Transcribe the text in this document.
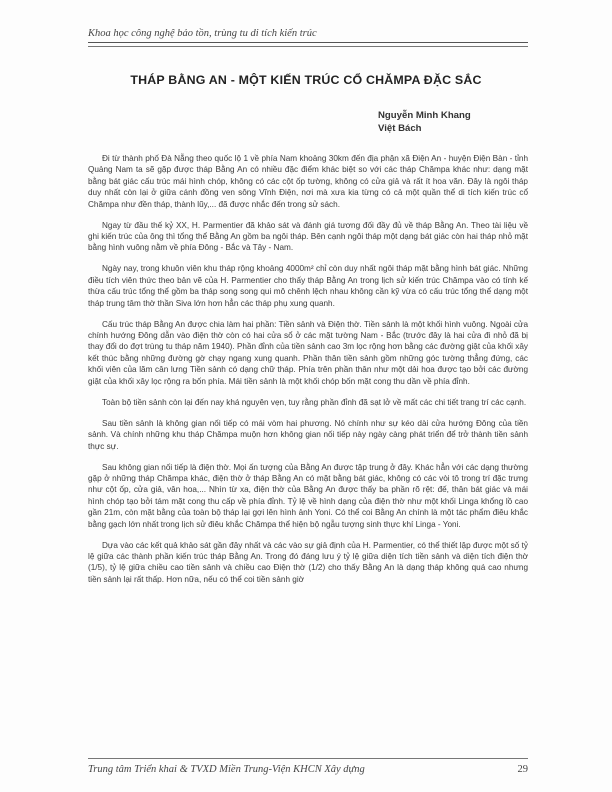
Khoa học công nghệ bảo tồn, trùng tu di tích kiến trúc
THÁP BẰNG AN - MỘT KIẾN TRÚC CỔ CHĂMPA ĐẶC SẮC
Nguyễn Minh Khang
Việt Bách

Đi từ thành phố Đà Nẵng theo quốc lộ 1 về phía Nam khoảng 30km đến địa phận xã Điện An - huyện Điện Bàn - tỉnh Quảng Nam ta sẽ gặp được tháp Bằng An có nhiều đặc điểm khác biệt so với các tháp Chămpa khác như: dạng mặt bằng bát giác cấu trúc mái hình chóp, không có các cột ốp tường, không có cửa giả và rất ít hoa văn. Đây là ngôi tháp duy nhất còn lại ở giữa cánh đồng ven sông Vĩnh Điện, nơi mà xưa kia từng có cả một quần thể di tích kiến trúc cổ Chămpa như đền tháp, thành lũy,... đã được nhắc đến trong sử sách.

Ngay từ đầu thế kỷ XX, H. Parmentier đã khảo sát và đánh giá tương đối đầy đủ về tháp Bằng An. Theo tài liệu về ghi kiến trúc của ông thì tổng thể Bằng An gồm ba ngôi tháp. Bên cạnh ngôi tháp một dạng bát giác còn hai tháp nhỏ mặt bằng hình vuông nằm về phía Đông - Bắc và Tây - Nam.

Ngày nay, trong khuôn viên khu tháp rộng khoảng 4000m² chỉ còn duy nhất ngôi tháp mặt bằng hình bát giác. Những điều tích viên thức theo bản vẽ của H. Parmentier cho thấy tháp Bằng An trong lịch sử kiến trúc Chămpa vào có tính kế thừa cấu trúc tổng thể gồm ba tháp song song qui mô chênh lệch nhau không cần kỹ vừa có cấu trúc tổng thể dạng một tháp trung tâm thờ thần Siva lớn hơn hẳn các tháp phụ xung quanh.

Cấu trúc tháp Bằng An được chia làm hai phần: Tiền sảnh và Điện thờ. Tiền sảnh là một khối hình vuông. Ngoài cửa chính hướng Đông dẫn vào điện thờ còn có hai cửa sổ ở các mặt tường Nam - Bắc (trước đây là hai cửa đi nhỏ đã bị thay đổi do đợt trùng tu tháp năm 1940). Phần đỉnh của tiền sảnh cao 3m lọc rộng hơn bằng các đường giật của khối xây kết thúc bằng những đường gờ chạy ngang xung quanh. Phần thân tiền sảnh gồm những góc tường thẳng đứng, các khối viên của lăm cân lưng Tiền sảnh có dạng chữ tháp. Phía trên phần thân như một dải hoa được tạo bởi các đường giật của khối xây lọc rộng ra bốn phía. Mái tiền sảnh là một khối chóp bốn mặt cong thu dần về phía đỉnh.

Toàn bộ tiền sảnh còn lại đến nay khá nguyên vẹn, tuy rằng phần đỉnh đã sạt lở về mất các chi tiết trang trí các cạnh.

Sau tiền sảnh là không gian nối tiếp có mái vòm hai phương. Nó chính như sự kéo dài cửa hướng Đông của tiền sảnh. Và chính những khu tháp Chămpa muộn hơn không gian nối tiếp này ngày càng phát triển để trở thành tiền sảnh thực sự.

Sau không gian nối tiếp là điện thờ. Mọi ấn tượng của Bằng An được tập trung ở đây. Khác hẳn với các dạng thường gặp ở những tháp Chămpa khác, điện thờ ở tháp Bằng An có mặt bằng bát giác, không có các vòi tô trong trí đặc trưng như cột ốp, cửa giả, vân hoa,... Nhìn từ xa, điện thờ của Bằng An được thấy ba phần rõ rệt: đế, thân bát giác và mái hình chóp tạo bởi tám mặt cong thu cấp về phía đỉnh. Tỷ lệ về hình dạng của điện thờ như một khối Linga khổng lồ cao gần 21m, còn mặt bằng của toàn bộ tháp lại gợi lên hình ảnh Yoni. Có thể coi Bằng An chính là một tác phẩm điêu khắc bằng gạch lớn nhất trong lịch sử điêu khắc Chămpa thể hiện bộ ngẫu tượng sinh thực khí Linga - Yoni.

Dựa vào các kết quả khảo sát gần đây nhất và các vào sự giả định của H. Parmentier, có thể thiết lập được một số tỷ lệ giữa các thành phần kiến trúc tháp Bằng An. Trong đó đáng lưu ý tỷ lệ giữa diện tích tiền sảnh và diện tích điện thờ (1/5), tỷ lệ giữa chiều cao tiền sảnh và chiều cao Điện thờ (1/2) cho thấy Bằng An là dạng tháp không quá cao nhưng tiền sảnh lại rất thấp. Hơn nữa, nếu có thể coi tiền sảnh giờ

Trung tâm Triển khai & TVXD Miền Trung-Viện KHCN Xây dựng	29
